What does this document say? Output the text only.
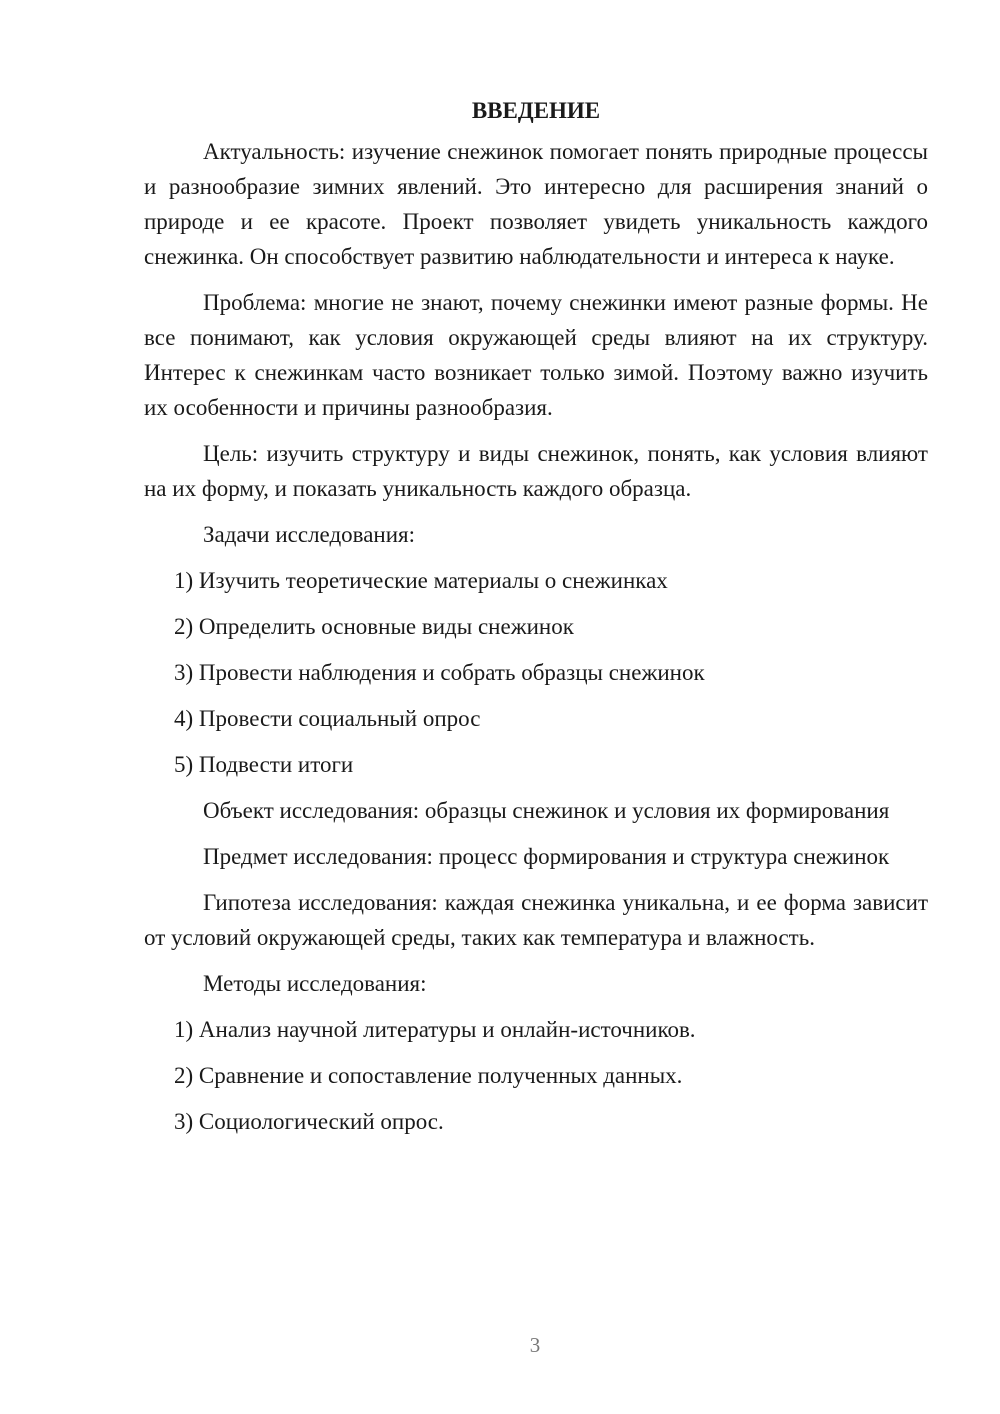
ВВЕДЕНИЕ

Актуальность: изучение снежинок помогает понять природные процессы и разнообразие зимних явлений. Это интересно для расширения знаний о природе и ее красоте. Проект позволяет увидеть уникальность каждого снежинка. Он способствует развитию наблюдательности и интереса к науке.

Проблема: многие не знают, почему снежинки имеют разные формы. Не все понимают, как условия окружающей среды влияют на их структуру. Интерес к снежинкам часто возникает только зимой. Поэтому важно изучить их особенности и причины разнообразия.

Цель: изучить структуру и виды снежинок, понять, как условия влияют на их форму, и показать уникальность каждого образца.

Задачи исследования:
1) Изучить теоретические материалы о снежинках
2) Определить основные виды снежинок
3) Провести наблюдения и собрать образцы снежинок
4) Провести социальный опрос
5) Подвести итоги

Объект исследования: образцы снежинок и условия их формирования

Предмет исследования: процесс формирования и структура снежинок

Гипотеза исследования: каждая снежинка уникальна, и ее форма зависит от условий окружающей среды, таких как температура и влажность.

Методы исследования:
1) Анализ научной литературы и онлайн-источников.
2) Сравнение и сопоставление полученных данных.
3) Социологический опрос.
3
